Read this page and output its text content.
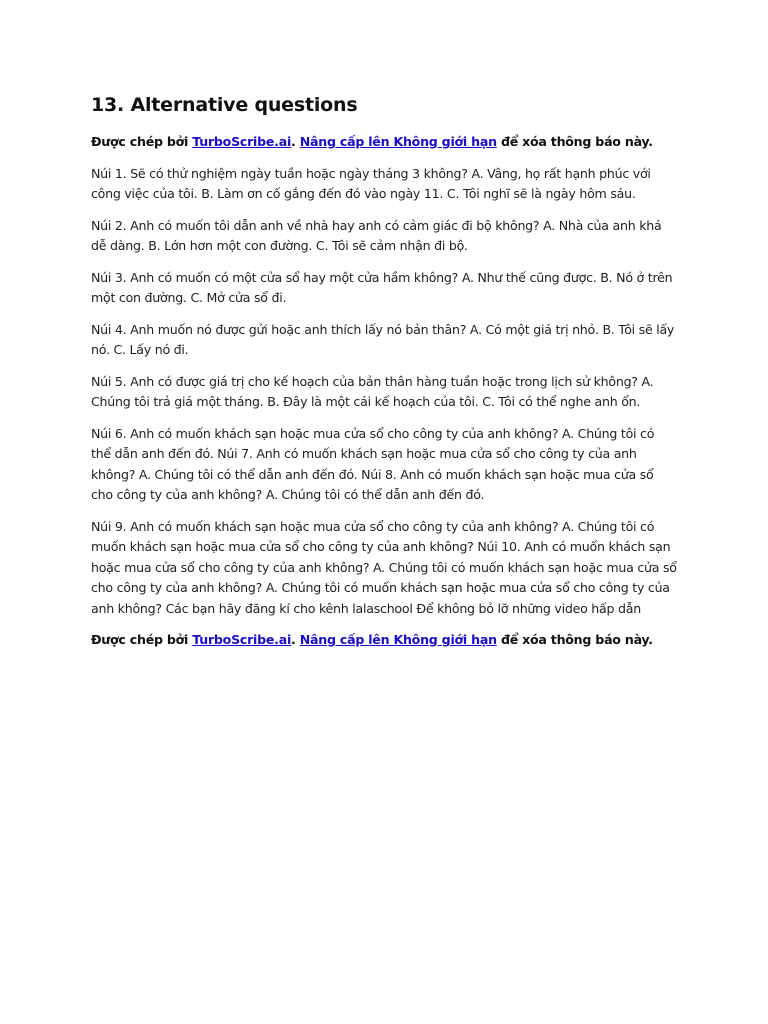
13. Alternative questions

Được chép bởi TurboScribe.ai. Nâng cấp lên Không giới hạn để xóa thông báo này.

Núi 1. Sẽ có thử nghiệm ngày tuần hoặc ngày tháng 3 không? A. Vâng, họ rất hạnh phúc với công việc của tôi. B. Làm ơn cố gắng đến đó vào ngày 11. C. Tôi nghĩ sẽ là ngày hôm sáu.

Núi 2. Anh có muốn tôi dẫn anh về nhà hay anh có cảm giác đi bộ không? A. Nhà của anh khá dễ dàng. B. Lớn hơn một con đường. C. Tôi sẽ cảm nhận đi bộ.

Núi 3. Anh có muốn có một cửa sổ hay một cửa hầm không? A. Như thế cũng được. B. Nó ở trên một con đường. C. Mở cửa sổ đi.

Núi 4. Anh muốn nó được gửi hoặc anh thích lấy nó bản thân? A. Có một giá trị nhỏ. B. Tôi sẽ lấy nó. C. Lấy nó đi.

Núi 5. Anh có được giá trị cho kế hoạch của bản thân hàng tuần hoặc trong lịch sử không? A. Chúng tôi trả giá một tháng. B. Đây là một cái kế hoạch của tôi. C. Tôi có thể nghe anh ổn.

Núi 6. Anh có muốn khách sạn hoặc mua cửa sổ cho công ty của anh không? A. Chúng tôi có thể dẫn anh đến đó. Núi 7. Anh có muốn khách sạn hoặc mua cửa sổ cho công ty của anh không? A. Chúng tôi có thể dẫn anh đến đó. Núi 8. Anh có muốn khách sạn hoặc mua cửa sổ cho công ty của anh không? A. Chúng tôi có thể dẫn anh đến đó.

Núi 9. Anh có muốn khách sạn hoặc mua cửa sổ cho công ty của anh không? A. Chúng tôi có muốn khách sạn hoặc mua cửa sổ cho công ty của anh không? Núi 10. Anh có muốn khách sạn hoặc mua cửa sổ cho công ty của anh không? A. Chúng tôi có muốn khách sạn hoặc mua cửa sổ cho công ty của anh không? A. Chúng tôi có muốn khách sạn hoặc mua cửa sổ cho công ty của anh không? Các bạn hãy đăng kí cho kênh lalaschool Để không bỏ lỡ những video hấp dẫn

Được chép bởi TurboScribe.ai. Nâng cấp lên Không giới hạn để xóa thông báo này.
